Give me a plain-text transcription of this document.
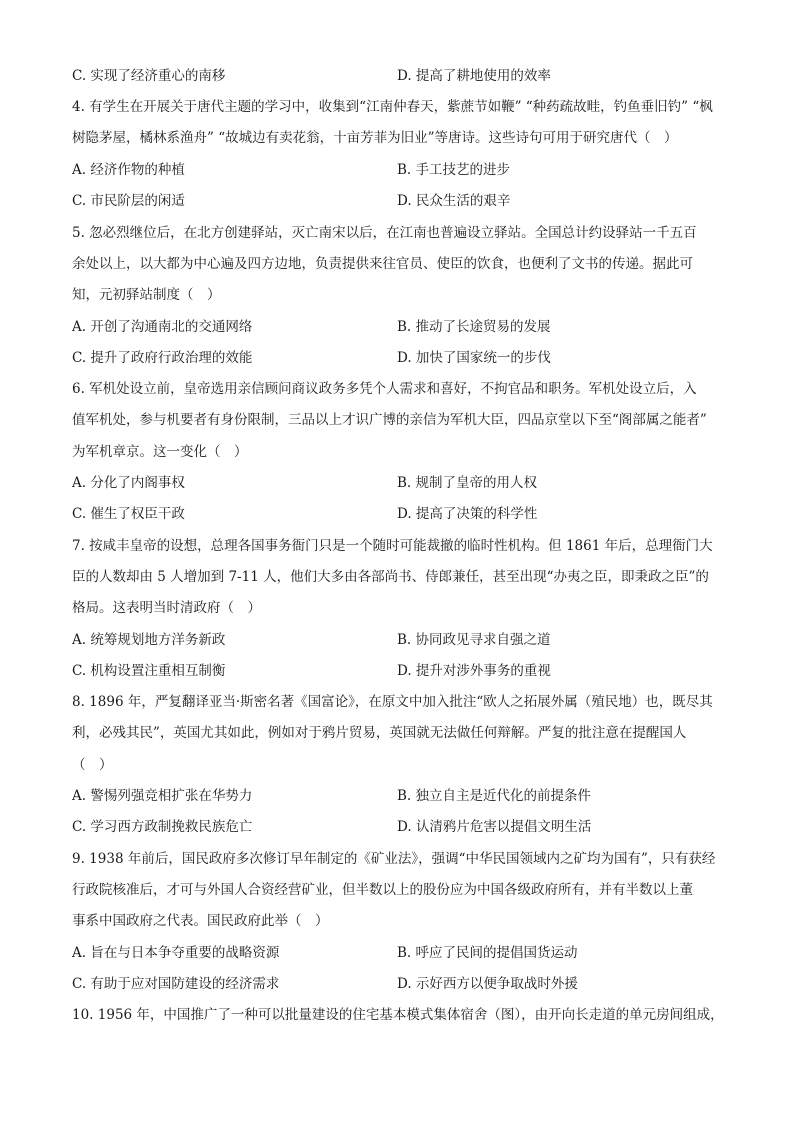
C. 实现了经济重心的南移	D. 提高了耕地使用的效率
4. 有学生在开展关于唐代主题的学习中，收集到“江南仲春天，紫蔗节如鞭” “种药疏故畦，钓鱼垂旧钓” “枫
树隐茅屋，橘林系渔舟” “故城边有卖花翁，十亩芳菲为旧业”等唐诗。这些诗句可用于研究唐代（　）
A. 经济作物的种植	B. 手工技艺的进步
C. 市民阶层的闲适	D. 民众生活的艰辛
5. 忽必烈继位后，在北方创建驿站，灭亡南宋以后，在江南也普遍设立驿站。全国总计约设驿站一千五百
余处以上，以大都为中心遍及四方边地，负责提供来往官员、使臣的饮食，也便利了文书的传递。据此可
知，元初驿站制度（　）
A. 开创了沟通南北的交通网络	B. 推动了长途贸易的发展
C. 提升了政府行政治理的效能	D. 加快了国家统一的步伐
6. 军机处设立前，皇帝选用亲信顾问商议政务多凭个人需求和喜好，不拘官品和职务。军机处设立后，入
值军机处，参与机要者有身份限制，三品以上才识广博的亲信为军机大臣，四品京堂以下至“阁部属之能者”
为军机章京。这一变化（　）
A. 分化了内阁事权	B. 规制了皇帝的用人权
C. 催生了权臣干政	D. 提高了决策的科学性
7. 按咸丰皇帝的设想，总理各国事务衙门只是一个随时可能裁撤的临时性机构。但 1861 年后，总理衙门大
臣的人数却由 5 人增加到 7-11 人，他们大多由各部尚书、侍郎兼任，甚至出现“办夷之臣，即秉政之臣”的
格局。这表明当时清政府（　）
A. 统筹规划地方洋务新政	B. 协同政见寻求自强之道
C. 机构设置注重相互制衡	D. 提升对涉外事务的重视
8. 1896 年，严复翻译亚当·斯密名著《国富论》，在原文中加入批注“欧人之拓展外属（殖民地）也，既尽其
利，必残其民”，英国尤其如此，例如对于鸦片贸易，英国就无法做任何辩解。严复的批注意在提醒国人
（　）
A. 警惕列强竞相扩张在华势力	B. 独立自主是近代化的前提条件
C. 学习西方政制挽救民族危亡	D. 认清鸦片危害以提倡文明生活
9. 1938 年前后，国民政府多次修订早年制定的《矿业法》，强调“中华民国领域内之矿均为国有”，只有获经
行政院核准后，才可与外国人合资经营矿业，但半数以上的股份应为中国各级政府所有，并有半数以上董
事系中国政府之代表。国民政府此举（　）
A. 旨在与日本争夺重要的战略资源	B. 呼应了民间的提倡国货运动
C. 有助于应对国防建设的经济需求	D. 示好西方以便争取战时外援
10. 1956 年，中国推广了一种可以批量建设的住宅基本模式集体宿舍（图），由开向长走道的单元房间组成，
